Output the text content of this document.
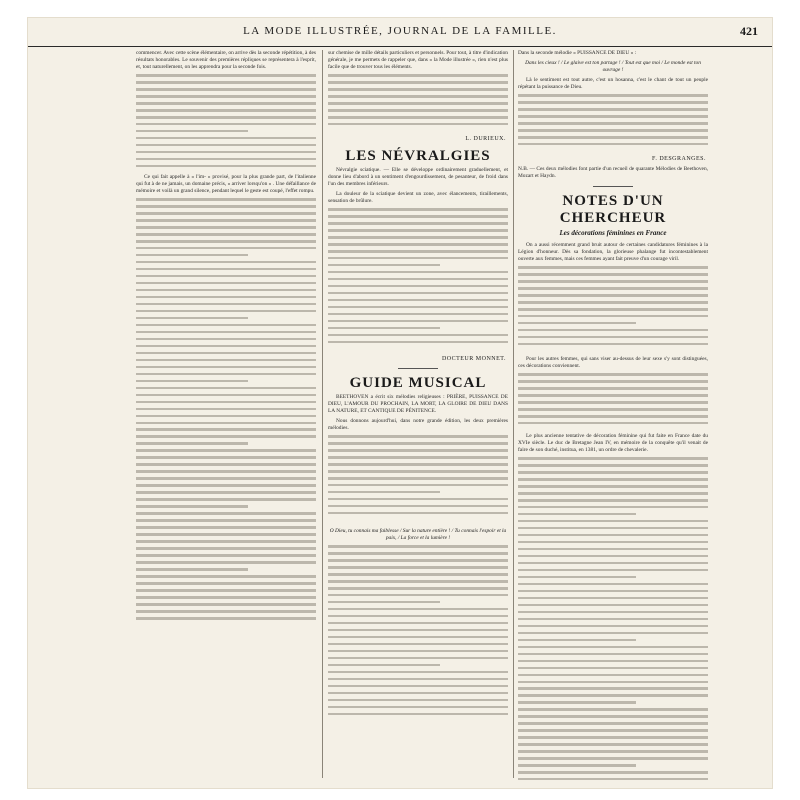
LA MODE ILLUSTRÉE, JOURNAL DE LA FAMILLE.	421

commencer. Avec cette scène élémentaire, on arrive dès la seconde répétition, à des résultats honorables. Le souvenir des premières répliques se représentera à l'esprit, et, tout naturellement, on les apprendra pour la seconde fois.

Ce qui fait appelle à « l'im- » provisé, pour la plus grande part, de l'italienne qui fut à de ne jamais, un domaine précis, « arriver lorsqu'on » . Une défaillance de mémoire et voilà un grand silence, pendant lequel le geste est coupé, l'effet rompu.

sur chemise de mille détails particuliers et personnels. Pour tout, à titre d'indication générale, je me permets de rappeler que, dans « la Mode illustrée », rien n'est plus facile que de trouver tous les éléments.

L. DURIEUX.
LES NÉVRALGIES

Névralgie sciatique. — Elle se développe ordinairement graduellement, et donne lieu d'abord à un sentiment d'engourdissement, de pesanteur, de froid dans l'un des membres inférieurs.

La douleur de la sciatique devient un zone, avec élancements, tiraillements, sensation de brûlure.

DOCTEUR MONNET.
GUIDE MUSICAL

BEETHOVEN a écrit six mélodies religieuses : PRIÈRE, PUISSANCE DE DIEU, L'AMOUR DU PROCHAIN, LA MORT, LA GLOIRE DE DIEU DANS LA NATURE, ET CANTIQUE DE PÉNITENCE.

Nous donnons aujourd'hui, dans notre grande édition, les deux premières mélodies.

O Dieu, tu connais ma faiblesse / Sur la nature entière ! / Tu connais l'espoir et la paix, / La force et la lumière !

Dans la seconde mélodie « PUISSANCE DE DIEU » :

Dans les cieux ! / Le glaive est ton partage ! / Tout est que moi / Le monde est ton ouvrage !

Là le sentiment est tout autre, c'est un hosanna, c'est le chant de tout un peuple répétant la puissance de Dieu.

F. DESGRANGES.

N.B. — Ces deux mélodies font partie d'un recueil de quarante Mélodies de Beethoven, Mozart et Haydn.

NOTES D'UN CHERCHEUR
Les décorations féminines en France

On a aussi récemment grand bruit autour de certaines candidatures féminines à la Légion d'honneur. Dès sa fondation, la glorieuse phalange fut incontestablement ouverte aux femmes, mais ces femmes ayant fait preuve d'un courage viril.

Pour les autres femmes, qui sans viser au-dessus de leur sexe s'y sont distinguées, ces décorations conviennent.

Le plus ancienne tentative de décoration féminine qui fut faite en France date du XVIe siècle. Le duc de Bretagne Jean IV, en mémoire de la conquête qu'il venait de faire de son duché, institua, en 1381, un ordre de chevalerie.
